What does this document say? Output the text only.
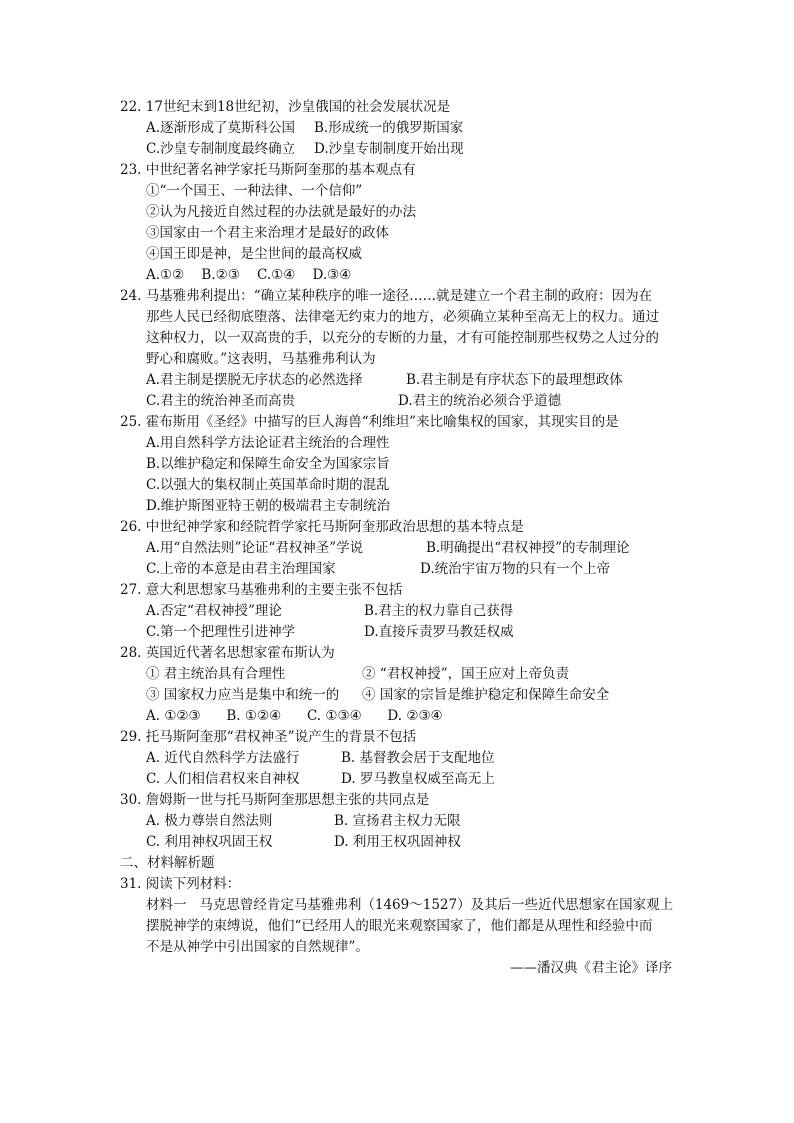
22. 17世纪末到18世纪初，沙皇俄国的社会发展状况是
A.逐渐形成了莫斯科公国 B.形成统一的俄罗斯国家
C.沙皇专制制度最终确立 D.沙皇专制制度开始出现
23. 中世纪著名神学家托马斯阿奎那的基本观点有
①“一个国王、一种法律、一个信仰”
②认为凡接近自然过程的办法就是最好的办法
③国家由一个君主来治理才是最好的政体
④国王即是神，是尘世间的最高权威
A.①②    B.②③    C.①④    D.③④
24. 马基雅弗利提出：“确立某种秩序的唯一途径……就是建立一个君主制的政府：因为在
那些人民已经彻底堕落、法律毫无约束力的地方，必须确立某种至高无上的权力。通过
这种权力，以一双高贵的手，以充分的专断的力量，才有可能控制那些权势之人过分的
野心和腐败。”这表明，马基雅弗利认为
A.君主制是摆脱无序状态的必然选择	B.君主制是有序状态下的最理想政体
C.君主的统治神圣而高贵	D.君主的统治必须合乎道德
25. 霍布斯用《圣经》中描写的巨人海兽“利维坦”来比喻集权的国家，其现实目的是
A.用自然科学方法论证君主统治的合理性
B.以维护稳定和保障生命安全为国家宗旨
C.以强大的集权制止英国革命时期的混乱
D.维护斯图亚特王朝的极端君主专制统治
26. 中世纪神学家和经院哲学家托马斯阿奎那政治思想的基本特点是
A.用“自然法则”论证“君权神圣”学说	B.明确提出“君权神授”的专制理论
C.上帝的本意是由君主治理国家	D.统治宇宙万物的只有一个上帝
27. 意大利思想家马基雅弗利的主要主张不包括
A.否定“君权神授”理论	B.君主的权力靠自己获得
C.第一个把理性引进神学	D.直接斥责罗马教廷权威
28. 英国近代著名思想家霍布斯认为
① 君主统治具有合理性	② “君权神授”，国王应对上帝负责
③ 国家权力应当是集中和统一的 ④ 国家的宗旨是维护稳定和保障生命安全
A. ①②③      B. ①②④      C. ①③④      D. ②③④
29. 托马斯阿奎那“君权神圣”说产生的背景不包括
A. 近代自然科学方法盛行	B. 基督教会居于支配地位
C. 人们相信君权来自神权	D. 罗马教皇权威至高无上
30. 詹姆斯一世与托马斯阿奎那思想主张的共同点是
A. 极力尊崇自然法则	B. 宣扬君主权力无限
C. 利用神权巩固王权	D. 利用王权巩固神权
二、材料解析题
31. 阅读下列材料：
材料一   马克思曾经肯定马基雅弗利（1469～1527）及其后一些近代思想家在国家观上
摆脱神学的束缚说，他们“已经用人的眼光来观察国家了，他们都是从理性和经验中而
不是从神学中引出国家的自然规律”。
——潘汉典《君主论》译序
